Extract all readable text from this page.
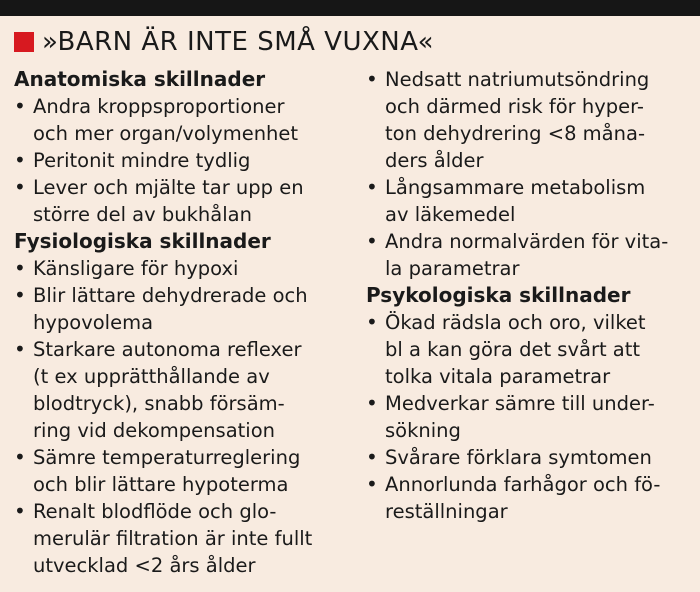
»BARN ÄR INTE SMÅ VUXNA«
Anatomiska skillnader
• Andra kroppsproportioner
och mer organ/volymenhet
• Peritonit mindre tydlig
• Lever och mjälte tar upp en
större del av bukhålan
Fysiologiska skillnader
• Känsligare för hypoxi
• Blir lättare dehydrerade och
hypovolema
• Starkare autonoma reflexer
(t ex upprätthållande av
blodtryck), snabb försäm-
ring vid dekompensation
• Sämre temperaturreglering
och blir lättare hypoterma
• Renalt blodflöde och glo-
merulär filtration är inte fullt
utvecklad <2 års ålder
• Nedsatt natriumutsöndring
och därmed risk för hyper-
ton dehydrering <8 måna-
ders ålder
• Långsammare metabolism
av läkemedel
• Andra normalvärden för vita-
la parametrar
Psykologiska skillnader
• Ökad rädsla och oro, vilket
bl a kan göra det svårt att
tolka vitala parametrar
• Medverkar sämre till under-
sökning
• Svårare förklara symtomen
• Annorlunda farhågor och fö-
reställningar
